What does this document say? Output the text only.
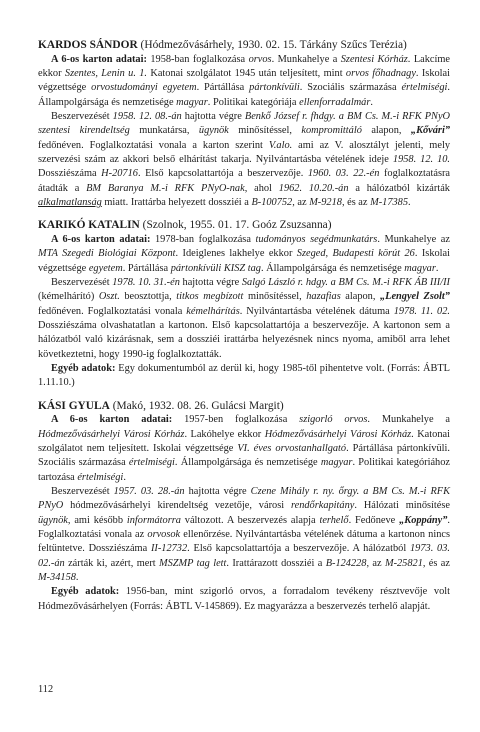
KARDOS SÁNDOR (Hódmezővásárhely, 1930. 02. 15. Tárkány Szűcs Terézia)

A 6-os karton adatai: 1958-ban foglalkozása orvos. Munkahelye a Szentesi Kórház. Lakcíme ekkor Szentes, Lenin u. 1. Katonai szolgálatot 1945 után teljesített, mint orvos főhadnagy. Iskolai végzettsége orvostudományi egyetem. Pártállása pártonkívüli. Szociális származása értelmiségi. Állampolgársága és nemzetisége magyar. Politikai kategóriája ellenforradalmár.

Beszervezését 1958. 12. 08.-án hajtotta végre Benkő József r. fhdgy. a BM Cs. M.-i RFK PNyO szentesi kirendeltség munkatársa, ügynök minősítéssel, kompromittáló alapon, „Kővári” fedőnéven. Foglalkoztatási vonala a karton szerint V.alo. ami az V. alosztályt jelenti, mely szervezési szám az akkori belső elhárítást takarja. Nyilvántartásba vételének ideje 1958. 12. 10. Dossziészáma H-20716. Első kapcsolattartója a beszervezője. 1960. 03. 22.-én foglalkoztatásra átadták a BM Baranya M.-i RFK PNyO-nak, ahol 1962. 10.20.-án a hálózatból kizárták alkalmatlanság miatt. Irattárba helyezett dossziéi a B-100752, az M-9218, és az M-17385.

KARIKÓ KATALIN (Szolnok, 1955. 01. 17. Goóz Zsuzsanna)

A 6-os karton adatai: 1978-ban foglalkozása tudományos segédmunkatárs. Munkahelye az MTA Szegedi Biológiai Központ. Ideiglenes lakhelye ekkor Szeged, Budapesti körút 26. Iskolai végzettsége egyetem. Pártállása pártonkívüli KISZ tag. Állampolgársága és nemzetisége magyar.

Beszervezését 1978. 10. 31.-én hajtotta végre Salgó László r. hdgy. a BM Cs. M.-i RFK ÁB III/II (kémelhárító) Oszt. beosztottja, titkos megbízott minősítéssel, hazafias alapon, „Lengyel Zsolt” fedőnéven. Foglalkoztatási vonala kémelhárítás. Nyilvántartásba vételének dátuma 1978. 11. 02. Dossziészáma olvashatatlan a kartonon. Első kapcsolattartója a beszervezője. A kartonon sem a hálózatból való kizárásnak, sem a dossziéi irattárba helyezésnek nincs nyoma, amiből arra lehet következtetni, hogy 1990-ig foglalkoztatták.

Egyéb adatok: Egy dokumentumból az derül ki, hogy 1985-től pihentetve volt. (Forrás: ÁBTL 1.11.10.)

KÁSI GYULA (Makó, 1932. 08. 26. Gulácsi Margit)

A 6-os karton adatai: 1957-ben foglalkozása szigorló orvos. Munkahelye a Hódmezővásárhelyi Városi Kórház. Lakóhelye ekkor Hódmezővásárhelyi Városi Kórház. Katonai szolgálatot nem teljesített. Iskolai végzettsége VI. éves orvostanhallgató. Pártállása pártonkívüli. Szociális származása értelmiségi. Állampolgársága és nemzetisége magyar. Politikai kategóriához tartozása értelmiségi.

Beszervezését 1957. 03. 28.-án hajtotta végre Czene Mihály r. ny. őrgy. a BM Cs. M.-i RFK PNyO hódmezővásárhelyi kirendeltség vezetője, városi rendőrkapitány. Hálózati minősítése ügynök, ami később informátorra változott. A beszervezés alapja terhelő. Fedőneve „Koppány”. Foglalkoztatási vonala az orvosok ellenőrzése. Nyilvántartásba vételének dátuma a kartonon nincs feltüntetve. Dossziészáma II-12732. Első kapcsolattartója a beszervezője. A hálózatból 1973. 03. 02.-án zárták ki, azért, mert MSZMP tag lett. Irattárazott dossziéi a B-124228, az M-25821, és az M-34158.

Egyéb adatok: 1956-ban, mint szigorló orvos, a forradalom tevékeny résztvevője volt Hódmezővásárhelyen (Forrás: ÁBTL V-145869). Ez magyarázza a beszervezés terhelő alapját.

112
